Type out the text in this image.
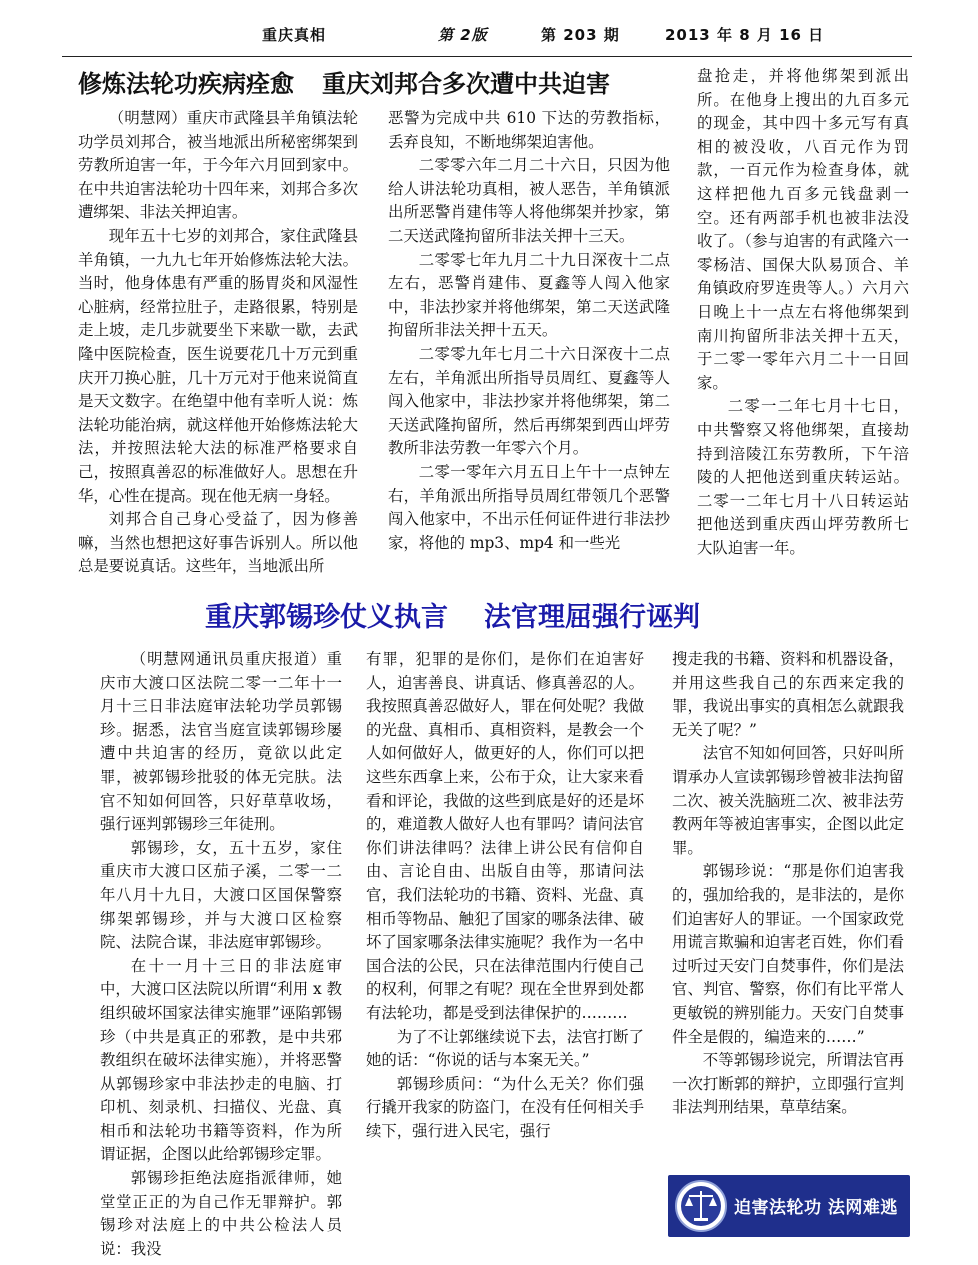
重庆真相	第 2版	第 203 期	2013 年 8 月 16 日
修炼法轮功疾病痊愈 重庆刘邦合多次遭中共迫害

（明慧网）重庆市武隆县羊角镇法轮功学员刘邦合，被当地派出所秘密绑架到劳教所迫害一年，于今年六月回到家中。在中共迫害法轮功十四年来，刘邦合多次遭绑架、非法关押迫害。

现年五十七岁的刘邦合，家住武隆县羊角镇，一九九七年开始修炼法轮大法。当时，他身体患有严重的肠胃炎和风湿性心脏病，经常拉肚子，走路很累，特别是走上坡，走几步就要坐下来歇一歇，去武隆中医院检查，医生说要花几十万元到重庆开刀换心脏，几十万元对于他来说简直是天文数字。在绝望中他有幸听人说：炼法轮功能治病，就这样他开始修炼法轮大法，并按照法轮大法的标准严格要求自己，按照真善忍的标准做好人。思想在升华，心性在提高。现在他无病一身轻。

刘邦合自己身心受益了，因为修善嘛，当然也想把这好事告诉别人。所以他总是要说真话。这些年，当地派出所

恶警为完成中共 610 下达的劳教指标，丢弃良知，不断地绑架迫害他。

二零零六年二月二十六日，只因为他给人讲法轮功真相，被人恶告，羊角镇派出所恶警肖建伟等人将他绑架并抄家，第二天送武隆拘留所非法关押十三天。

二零零七年九月二十九日深夜十二点左右，恶警肖建伟、夏鑫等人闯入他家中，非法抄家并将他绑架，第二天送武隆拘留所非法关押十五天。

二零零九年七月二十六日深夜十二点左右，羊角派出所指导员周红、夏鑫等人闯入他家中，非法抄家并将他绑架，第二天送武隆拘留所，然后再绑架到西山坪劳教所非法劳教一年零六个月。

二零一零年六月五日上午十一点钟左右，羊角派出所指导员周红带领几个恶警闯入他家中，不出示任何证件进行非法抄家，将他的 mp3、mp4 和一些光

盘抢走，并将他绑架到派出所。在他身上搜出的九百多元的现金，其中四十多元写有真相的被没收，八百元作为罚款，一百元作为检查身体，就这样把他九百多元钱盘剥一空。还有两部手机也被非法没收了。（参与迫害的有武隆六一零杨洁、国保大队易顶合、羊角镇政府罗连贵等人。）六月六日晚上十一点左右将他绑架到南川拘留所非法关押十五天，于二零一零年六月二十一日回家。

二零一二年七月十七日，中共警察又将他绑架，直接劫持到涪陵江东劳教所，下午涪陵的人把他送到重庆转运站。二零一二年七月十八日转运站把他送到重庆西山坪劳教所七大队迫害一年。

重庆郭锡珍仗义执言 法官理屈强行诬判

（明慧网通讯员重庆报道）重庆市大渡口区法院二零一二年十一月十三日非法庭审法轮功学员郭锡珍。据悉，法官当庭宣读郭锡珍屡遭中共迫害的经历，竟欲以此定罪，被郭锡珍批驳的体无完肤。法官不知如何回答，只好草草收场，强行诬判郭锡珍三年徒刑。

郭锡珍，女，五十五岁，家住重庆市大渡口区茄子溪，二零一二年八月十九日，大渡口区国保警察绑架郭锡珍，并与大渡口区检察院、法院合谋，非法庭审郭锡珍。

在十一月十三日的非法庭审中，大渡口区法院以所谓“利用 x 教组织破坏国家法律实施罪”诬陷郭锡珍（中共是真正的邪教，是中共邪教组织在破坏法律实施），并将恶警从郭锡珍家中非法抄走的电脑、打印机、刻录机、扫描仪、光盘、真相币和法轮功书籍等资料，作为所谓证据，企图以此给郭锡珍定罪。

郭锡珍拒绝法庭指派律师，她堂堂正正的为自己作无罪辩护。郭锡珍对法庭上的中共公检法人员说：我没

有罪，犯罪的是你们，是你们在迫害好人，迫害善良、讲真话、修真善忍的人。我按照真善忍做好人，罪在何处呢？我做的光盘、真相币、真相资料，是教会一个人如何做好人，做更好的人，你们可以把这些东西拿上来，公布于众，让大家来看看和评论，我做的这些到底是好的还是坏的，难道教人做好人也有罪吗？请问法官你们讲法律吗？法律上讲公民有信仰自由、言论自由、出版自由等，那请问法官，我们法轮功的书籍、资料、光盘、真相币等物品、触犯了国家的哪条法律、破坏了国家哪条法律实施呢？我作为一名中国合法的公民，只在法律范围内行使自己的权利，何罪之有呢？现在全世界到处都有法轮功，都是受到法律保护的………

为了不让郭继续说下去，法官打断了她的话：“你说的话与本案无关。”

郭锡珍质问：“为什么无关？你们强行撬开我家的防盗门，在没有任何相关手续下，强行进入民宅，强行

搜走我的书籍、资料和机器设备，并用这些我自己的东西来定我的罪，我说出事实的真相怎么就跟我无关了呢？”

法官不知如何回答，只好叫所谓承办人宣读郭锡珍曾被非法拘留二次、被关洗脑班二次、被非法劳教两年等被迫害事实，企图以此定罪。

郭锡珍说：“那是你们迫害我的，强加给我的，是非法的，是你们迫害好人的罪证。一个国家政党用谎言欺骗和迫害老百姓，你们看过听过天安门自焚事件，你们是法官、判官、警察，你们有比平常人更敏锐的辨别能力。天安门自焚事件全是假的，编造来的……”

不等郭锡珍说完，所谓法官再一次打断郭的辩护，立即强行宣判非法判刑结果，草草结案。

迫害法轮功 法网难逃
